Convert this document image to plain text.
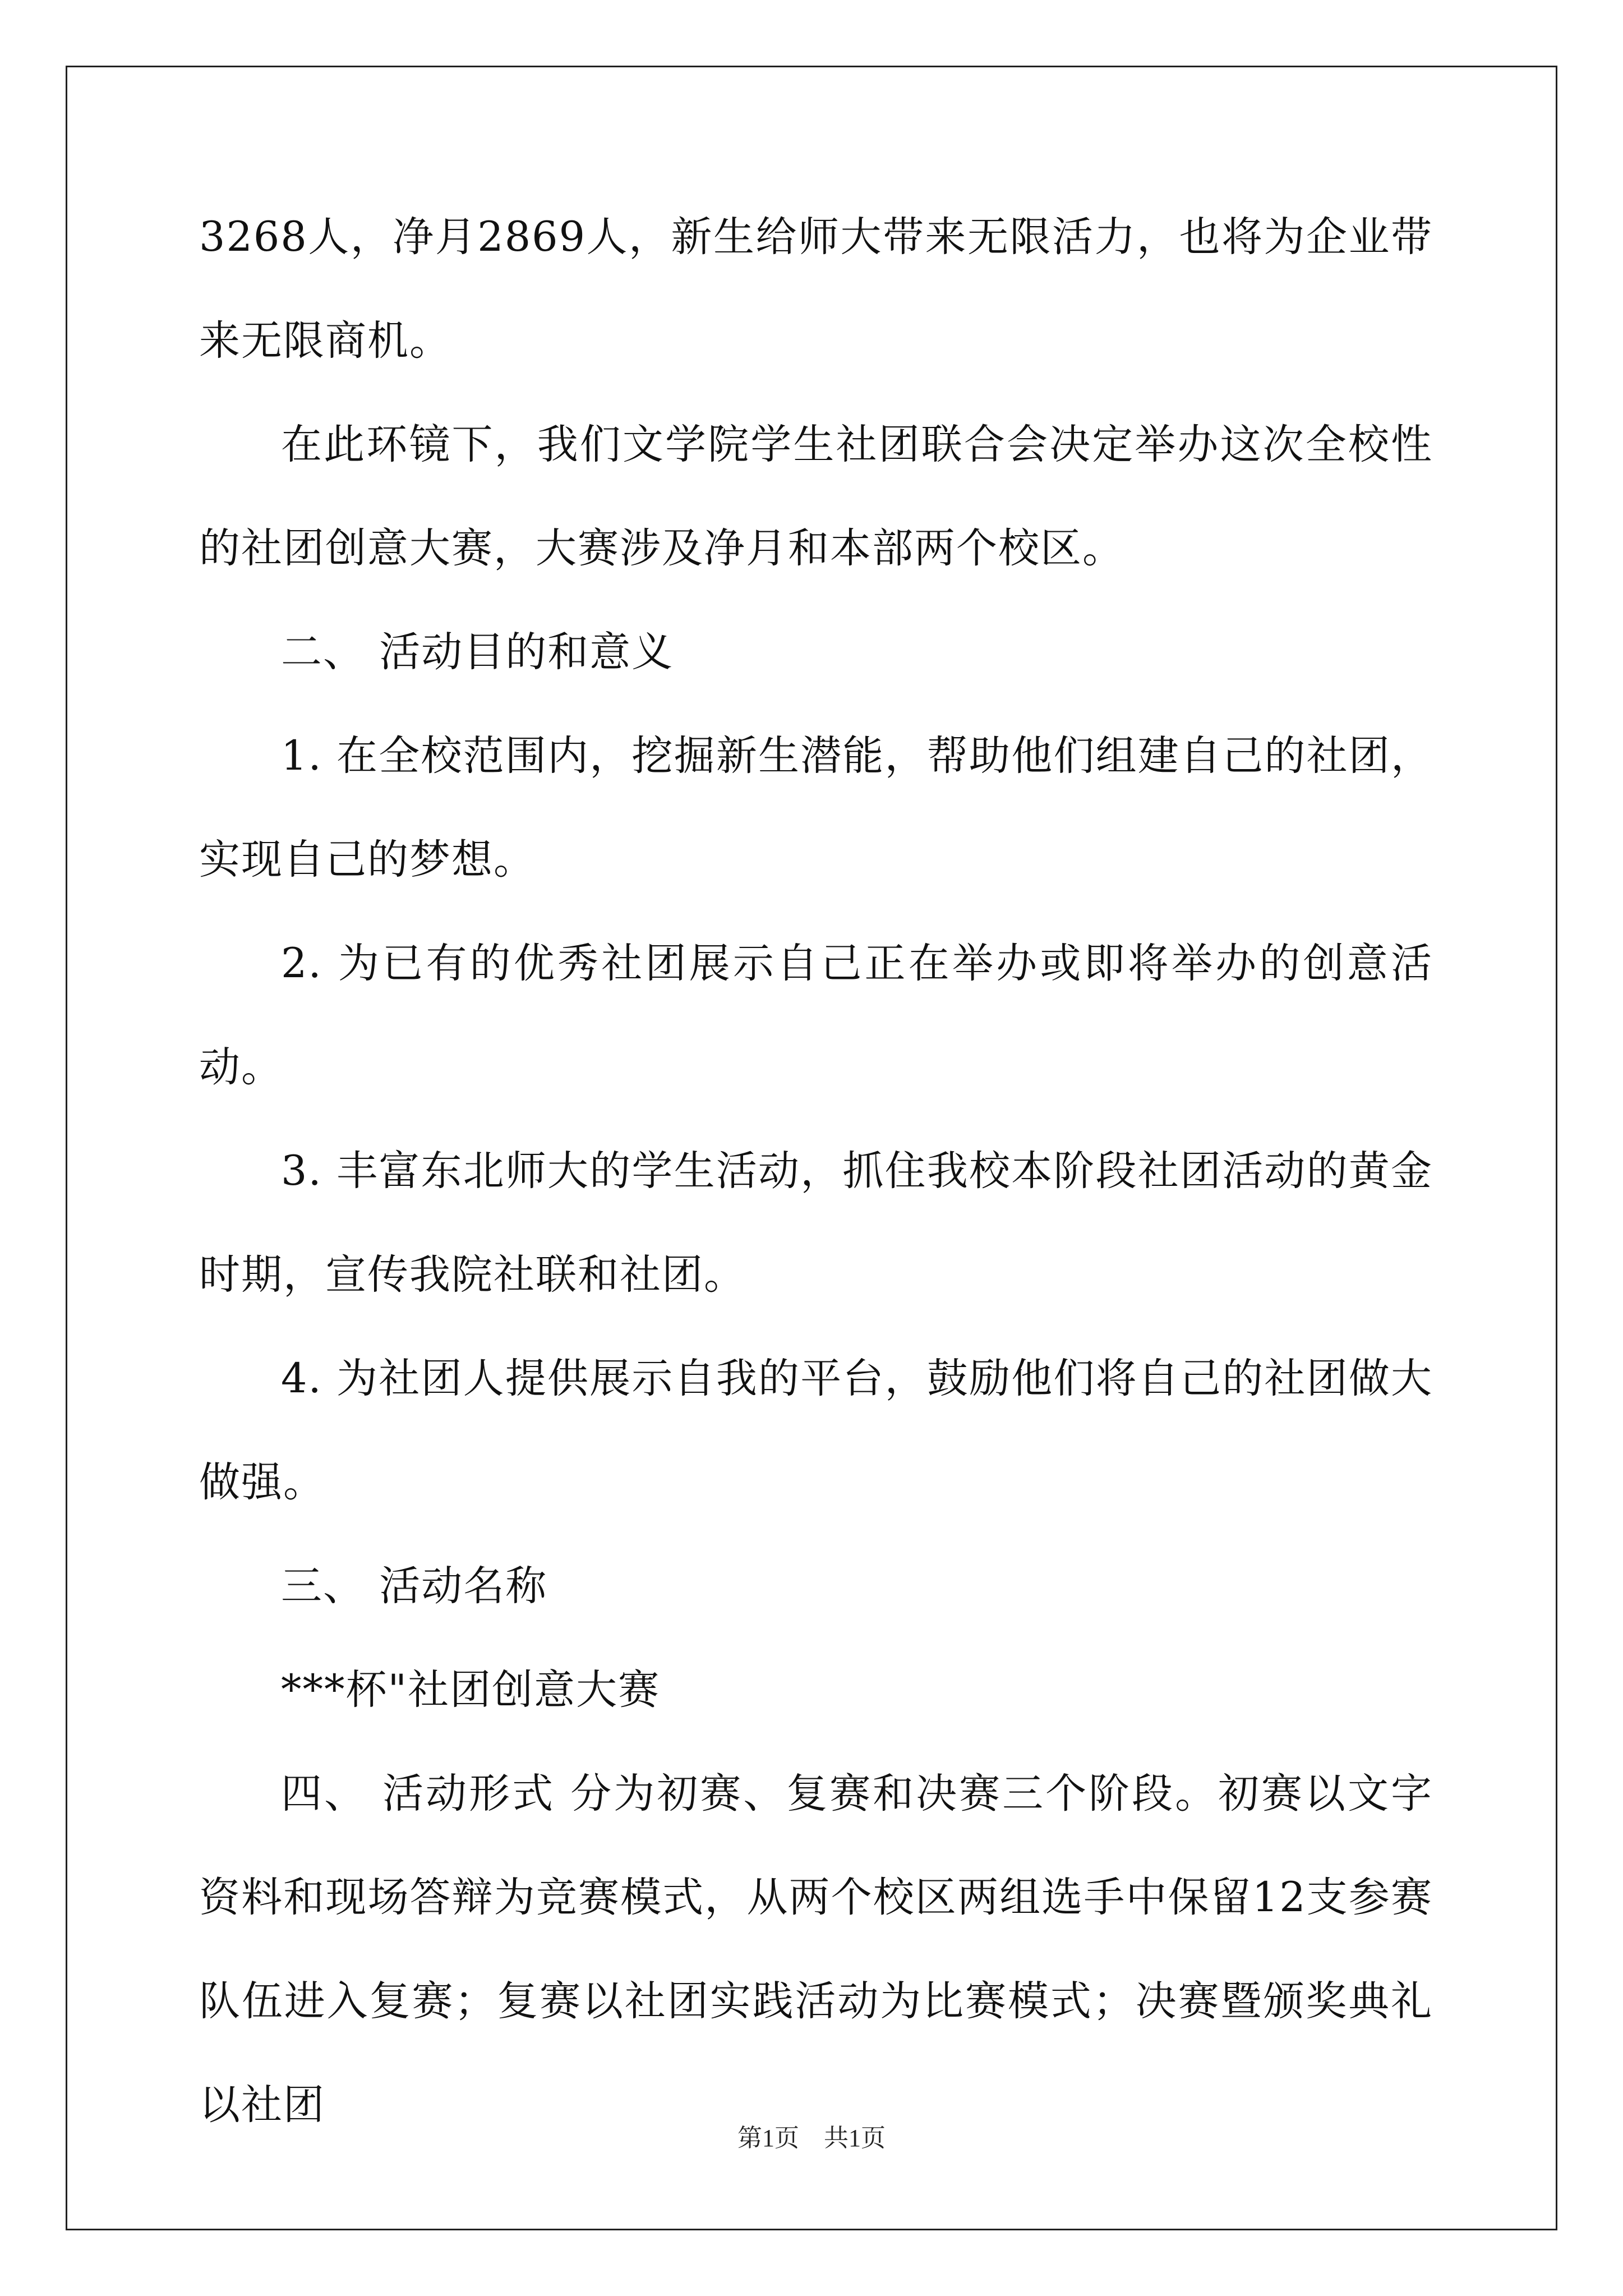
3268人，净月2869人，新生给师大带来无限活力，也将为企业带来无限商机。

在此环镜下，我们文学院学生社团联合会决定举办这次全校性的社团创意大赛，大赛涉及净月和本部两个校区。

二、 活动目的和意义

1. 在全校范围内，挖掘新生潜能，帮助他们组建自己的社团，实现自己的梦想。

2. 为已有的优秀社团展示自己正在举办或即将举办的创意活动。

3. 丰富东北师大的学生活动，抓住我校本阶段社团活动的黄金时期，宣传我院社联和社团。

4. 为社团人提供展示自我的平台，鼓励他们将自己的社团做大做强。

三、 活动名称

***杯"社团创意大赛

四、 活动形式 分为初赛、复赛和决赛三个阶段。初赛以文字资料和现场答辩为竞赛模式，从两个校区两组选手中保留12支参赛队伍进入复赛；复赛以社团实践活动为比赛模式；决赛暨颁奖典礼以社团

第1页　共1页
